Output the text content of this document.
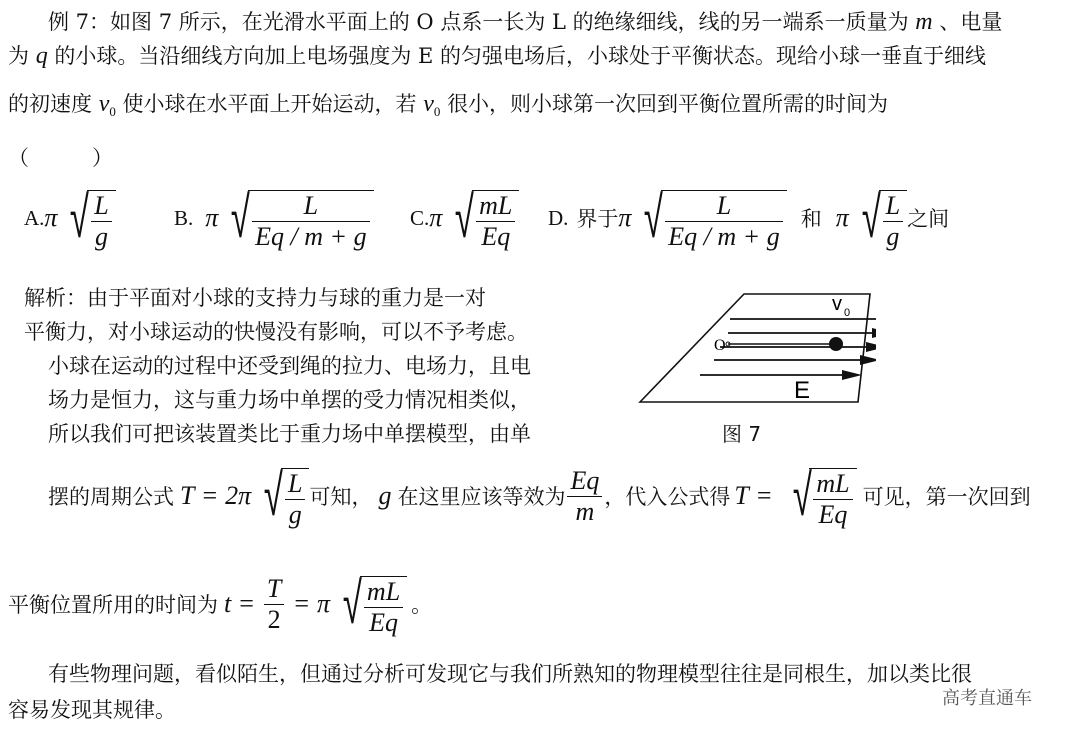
例 7：如图 7 所示，在光滑水平面上的 O 点系一长为 L 的绝缘细线，线的另一端系一质量为 m 、电量
为 q 的小球。当沿细线方向加上电场强度为 E 的匀强电场后，小球处于平衡状态。现给小球一垂直于细线
的初速度 $v_0$ 使小球在水平面上开始运动，若 $v_0$ 很小，则小球第一次回到平衡位置所需的时间为
（　　　）
A. π √ $\frac{L}{g}$	B. π √ $\frac{L}{Eq / m + g} C$. π √ $\frac{mL}{Eq} D$. 界于 π √ $\frac{L}{Eq / m + g}$ 和 π √ $\frac{L}{g}$ 之间
解析：由于平面对小球的支持力与球的重力是一对
平衡力，对小球运动的快慢没有影响，可以不予考虑。
小球在运动的过程中还受到绳的拉力、电场力，且电
场力是恒力，这与重力场中单摆的受力情况相类似，
所以我们可把该装置类比于重力场中单摆模型，由单
O
v 0
E
图 7
摆的周期公式 T = 2π √ $\frac{L}{g}$ 可知， g 在这里应该等效为 $\frac{Eq}{m}$ ，代入公式得 T = √ $\frac{mL}{Eq}$ 可见，第一次回到
平衡位置所用的时间为 $t = \frac{T}{2} = \pi$ √ $\frac{mL}{Eq}$ 。
有些物理问题，看似陌生，但通过分析可发现它与我们所熟知的物理模型往往是同根生，加以类比很
容易发现其规律。	高考直通车
